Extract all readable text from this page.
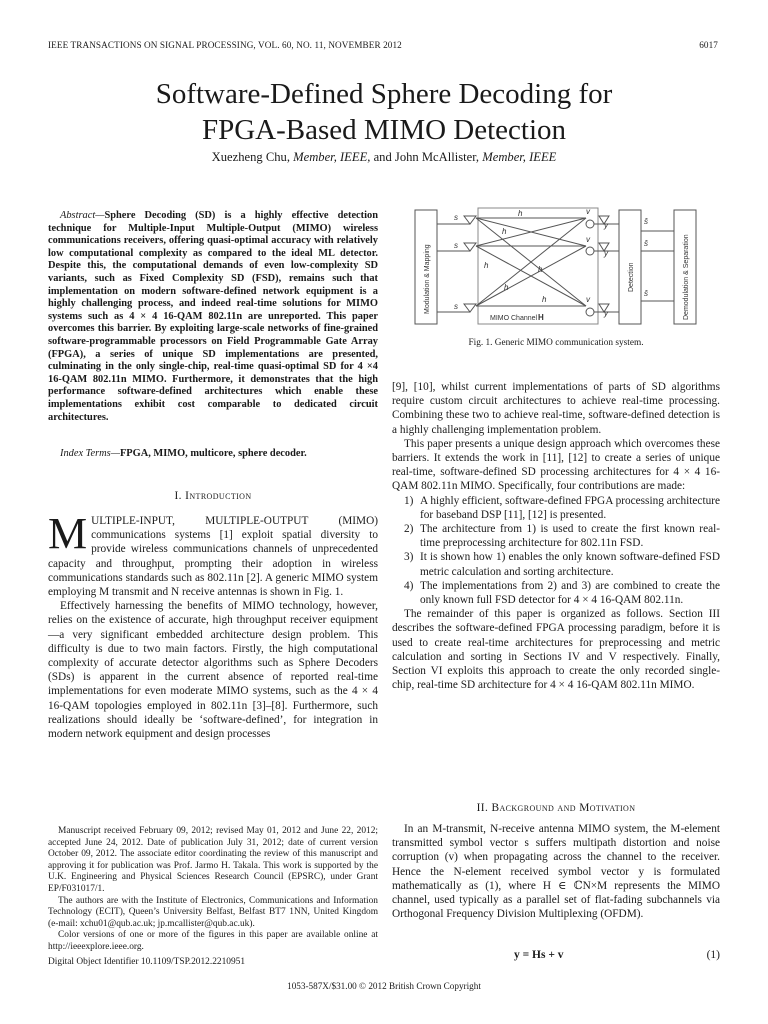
IEEE TRANSACTIONS ON SIGNAL PROCESSING, VOL. 60, NO. 11, NOVEMBER 2012	6017
Software-Defined Sphere Decoding for
FPGA-Based MIMO Detection
Xuezheng Chu, Member, IEEE, and John McAllister, Member, IEEE

Abstract—Sphere Decoding (SD) is a highly effective detection technique for Multiple-Input Multiple-Output (MIMO) wireless communications receivers, offering quasi-optimal accuracy with relatively low computational complexity as compared to the ideal ML detector. Despite this, the computational demands of even low-complexity SD variants, such as Fixed Complexity SD (FSD), remains such that implementation on modern software-defined network equipment is a highly challenging process, and indeed real-time solutions for MIMO systems such as 4 × 4 16-QAM 802.11n are unreported. This paper overcomes this barrier. By exploiting large-scale networks of fine-grained software-programmable processors on Field Programmable Gate Array (FPGA), a series of unique SD implementations are presented, culminating in the only single-chip, real-time quasi-optimal SD for 4 ×4 16-QAM 802.11n MIMO. Furthermore, it demonstrates that the high performance software-defined architectures which enable these implementations exhibit cost comparable to dedicated circuit architectures.

Index Terms—FPGA, MIMO, multicore, sphere decoder.

I. Introduction

MULTIPLE-INPUT, MULTIPLE-OUTPUT (MIMO) communications systems [1] exploit spatial diversity to provide wireless communications channels of unprecedented capacity and throughput, prompting their adoption in wireless communications standards such as 802.11n [2]. A generic MIMO system employing M transmit and N receive antennas is shown in Fig. 1.

Effectively harnessing the benefits of MIMO technology, however, relies on the existence of accurate, high throughput receiver equipment—a very significant embedded architecture design problem. This difficulty is due to two main factors. Firstly, the high computational complexity of accurate detector algorithms such as Sphere Decoders (SDs) is apparent in the current absence of reported real-time implementations for even moderate MIMO systems, such as the 4 × 4 16-QAM topologies employed in 802.11n [3]–[8]. Furthermore, such realizations should ideally be ‘software-defined’, for integration in modern network equipment and design processes

Manuscript received February 09, 2012; revised May 01, 2012 and June 22, 2012; accepted June 24, 2012. Date of publication July 31, 2012; date of current version October 09, 2012. The associate editor coordinating the review of this manuscript and approving it for publication was Prof. Jarmo H. Takala. This work is supported by the U.K. Engineering and Physical Sciences Research Council (EPSRC), under Grant EP/F031017/1.

The authors are with the Institute of Electronics, Communications and Information Technology (ECIT), Queen’s University Belfast, Belfast BT7 1NN, United Kingdom (e-mail: xchu01@qub.ac.uk; jp.mcallister@qub.ac.uk).

Color versions of one or more of the figures in this paper are available online at http://ieeexplore.ieee.org.

Digital Object Identifier 10.1109/TSP.2012.2210951

s
s
s
h
h
h	h
h
h
v
y
v
y
v
y
ŝ
ŝ
ŝ
MIMO Channel H
Modulation & Mapping	Detection	Demodulation & Separation
Fig. 1. Generic MIMO communication system.

[9], [10], whilst current implementations of parts of SD algorithms require custom circuit architectures to achieve real-time processing. Combining these two to achieve real-time, software-defined detection is a highly challenging implementation problem.

This paper presents a unique design approach which overcomes these barriers. It extends the work in [11], [12] to create a series of unique real-time, software-defined SD processing architectures for 4 × 4 16-QAM 802.11n MIMO. Specifically, four contributions are made:

1) A highly efficient, software-defined FPGA processing architecture for baseband DSP [11], [12] is presented.
2) The architecture from 1) is used to create the first known real-time preprocessing architecture for 802.11n FSD.
3) It is shown how 1) enables the only known software-defined FSD metric calculation and sorting architecture.
4) The implementations from 2) and 3) are combined to create the only known full FSD detector for 4 × 4 16-QAM 802.11n.

The remainder of this paper is organized as follows. Section III describes the software-defined FPGA processing paradigm, before it is used to create real-time architectures for preprocessing and metric calculation and sorting in Sections IV and V respectively. Finally, Section VI exploits this approach to create the only recorded single-chip, real-time SD architecture for 4 × 4 16-QAM 802.11n MIMO.

II. Background and Motivation

In an M-transmit, N-receive antenna MIMO system, the M-element transmitted symbol vector s suffers multipath distortion and noise corruption (v) when propagating across the channel to the receiver. Hence the N-element received symbol vector y is formulated mathematically as (1), where H ∈ ℂN×M represents the MIMO channel, used typically as a parallel set of flat-fading subchannels via Orthogonal Frequency Division Multiplexing (OFDM).

y = Hs + v	(1)
1053-587X/$31.00 © 2012 British Crown Copyright
